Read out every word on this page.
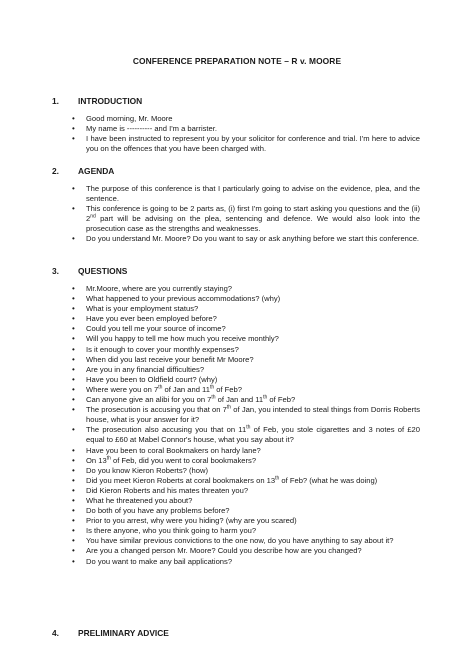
CONFERENCE PREPARATION NOTE – R v. MOORE
1.	INTRODUCTION
• Good morning, Mr. Moore
• My name is ---------- and I'm a barrister.
• I have been instructed to represent you by your solicitor for conference and trial. I'm here to advice you on the offences that you have been charged with.
2.	AGENDA
• The purpose of this conference is that I particularly going to advise on the evidence, plea, and the sentence.
• This conference is going to be 2 parts as, (i) first I'm going to start asking you questions and the (ii) 2nd part will be advising on the plea, sentencing and defence. We would also look into the prosecution case as the strengths and weaknesses.
• Do you understand Mr. Moore? Do you want to say or ask anything before we start this conference.
3.	QUESTIONS
• Mr.Moore, where are you currently staying?
• What happened to your previous accommodations? (why)
• What is your employment status?
• Have you ever been employed before?
• Could you tell me your source of income?
• Will you happy to tell me how much you receive monthly?
• Is it enough to cover your monthly expenses?
• When did you last receive your benefit Mr Moore?
• Are you in any financial difficulties?
• Have you been to Oldfield court? (why)
• Where were you on 7th of Jan and 11th of Feb?
• Can anyone give an alibi for you on 7th of Jan and 11th of Feb?
• The prosecution is accusing you that on 7th of Jan, you intended to steal things from Dorris Roberts house, what is your answer for it?
• The prosecution also accusing you that on 11th of Feb, you stole cigarettes and 3 notes of £20 equal to £60 at Mabel Connor's house, what you say about it?
• Have you been to coral Bookmakers on hardy lane?
• On 13th of Feb, did you went to coral bookmakers?
• Do you know Kieron Roberts? (how)
• Did you meet Kieron Roberts at coral bookmakers on 13th of Feb? (what he was doing)
• Did Kieron Roberts and his mates threaten you?
• What he threatened you about?
• Do both of you have any problems before?
• Prior to you arrest, why were you hiding? (why are you scared)
• Is there anyone, who you think going to harm you?
• You have similar previous convictions to the one now, do you have anything to say about it?
• Are you a changed person Mr. Moore? Could you describe how are you changed?
• Do you want to make any bail applications?
4.	PRELIMINARY ADVICE
